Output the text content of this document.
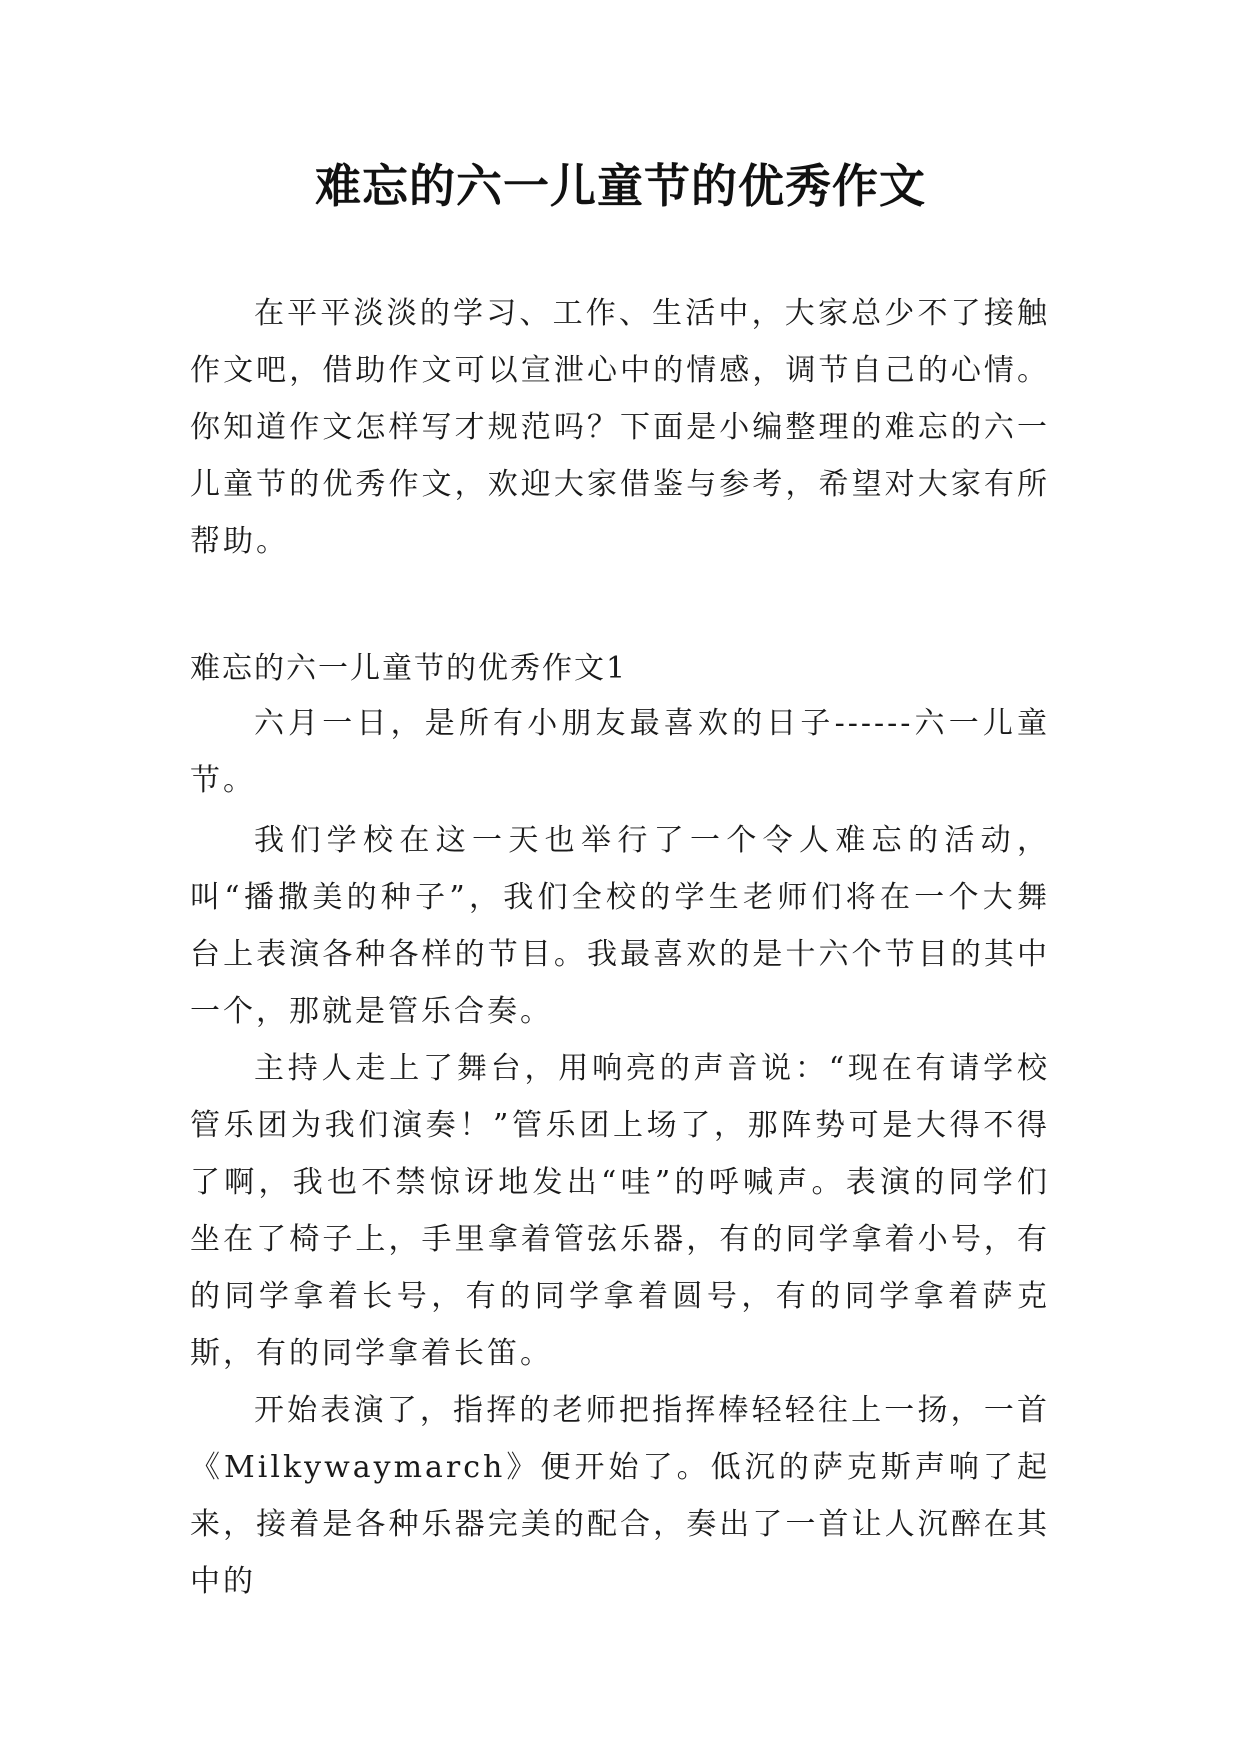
难忘的六一儿童节的优秀作文

在平平淡淡的学习、工作、生活中，大家总少不了接触作文吧，借助作文可以宣泄心中的情感，调节自己的心情。你知道作文怎样写才规范吗？下面是小编整理的难忘的六一儿童节的优秀作文，欢迎大家借鉴与参考，希望对大家有所帮助。

难忘的六一儿童节的优秀作文1

六月一日，是所有小朋友最喜欢的日子------六一儿童节。

我们学校在这一天也举行了一个令人难忘的活动，叫“播撒美的种子”，我们全校的学生老师们将在一个大舞台上表演各种各样的节目。我最喜欢的是十六个节目的其中一个，那就是管乐合奏。

主持人走上了舞台，用响亮的声音说：“现在有请学校管乐团为我们演奏！”管乐团上场了，那阵势可是大得不得了啊，我也不禁惊讶地发出“哇”的呼喊声。表演的同学们坐在了椅子上，手里拿着管弦乐器，有的同学拿着小号，有的同学拿着长号，有的同学拿着圆号，有的同学拿着萨克斯，有的同学拿着长笛。

开始表演了，指挥的老师把指挥棒轻轻往上一扬，一首《Milkywaymarch》便开始了。低沉的萨克斯声响了起来，接着是各种乐器完美的配合，奏出了一首让人沉醉在其中的
